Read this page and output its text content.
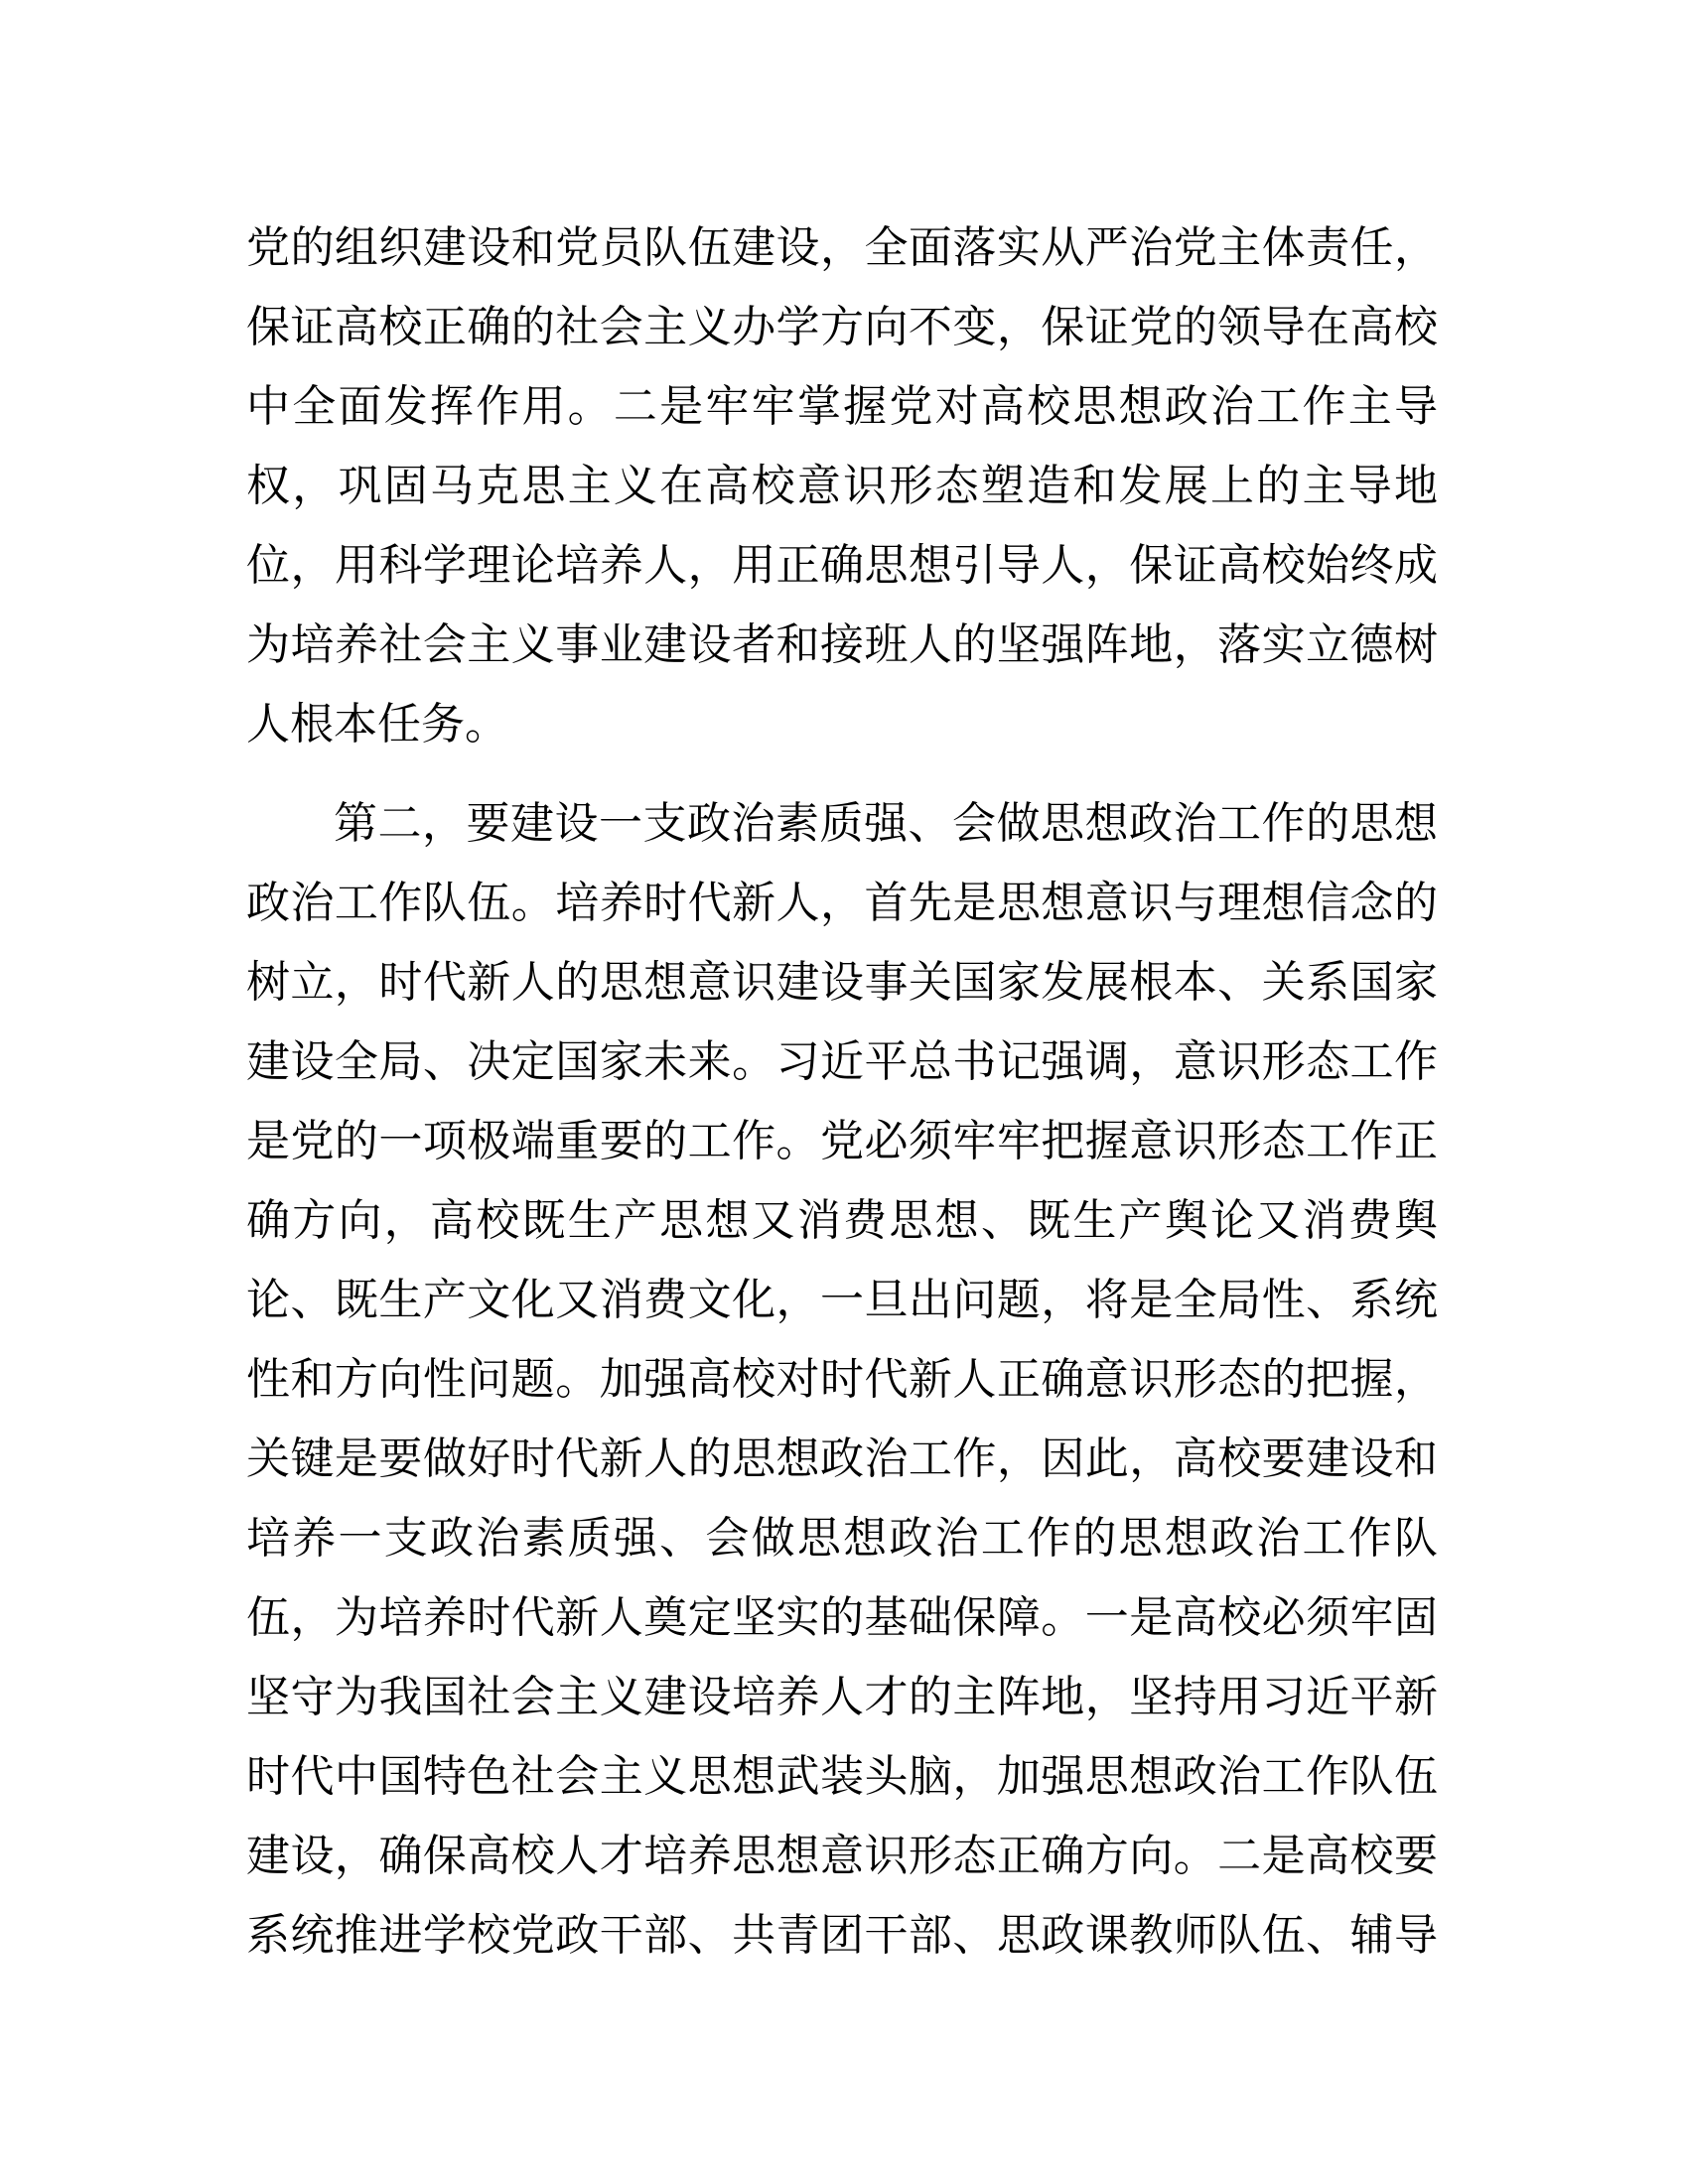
党的组织建设和党员队伍建设，全面落实从严治党主体责任，
保证高校正确的社会主义办学方向不变，保证党的领导在高校
中全面发挥作用。二是牢牢掌握党对高校思想政治工作主导
权，巩固马克思主义在高校意识形态塑造和发展上的主导地
位，用科学理论培养人，用正确思想引导人，保证高校始终成
为培养社会主义事业建设者和接班人的坚强阵地，落实立德树
人根本任务。
第二，要建设一支政治素质强、会做思想政治工作的思想
政治工作队伍。培养时代新人，首先是思想意识与理想信念的
树立，时代新人的思想意识建设事关国家发展根本、关系国家
建设全局、决定国家未来。习近平总书记强调，意识形态工作
是党的一项极端重要的工作。党必须牢牢把握意识形态工作正
确方向，高校既生产思想又消费思想、既生产舆论又消费舆
论、既生产文化又消费文化，一旦出问题，将是全局性、系统
性和方向性问题。加强高校对时代新人正确意识形态的把握，
关键是要做好时代新人的思想政治工作，因此，高校要建设和
培养一支政治素质强、会做思想政治工作的思想政治工作队
伍，为培养时代新人奠定坚实的基础保障。一是高校必须牢固
坚守为我国社会主义建设培养人才的主阵地，坚持用习近平新
时代中国特色社会主义思想武装头脑，加强思想政治工作队伍
建设，确保高校人才培养思想意识形态正确方向。二是高校要
系统推进学校党政干部、共青团干部、思政课教师队伍、辅导
